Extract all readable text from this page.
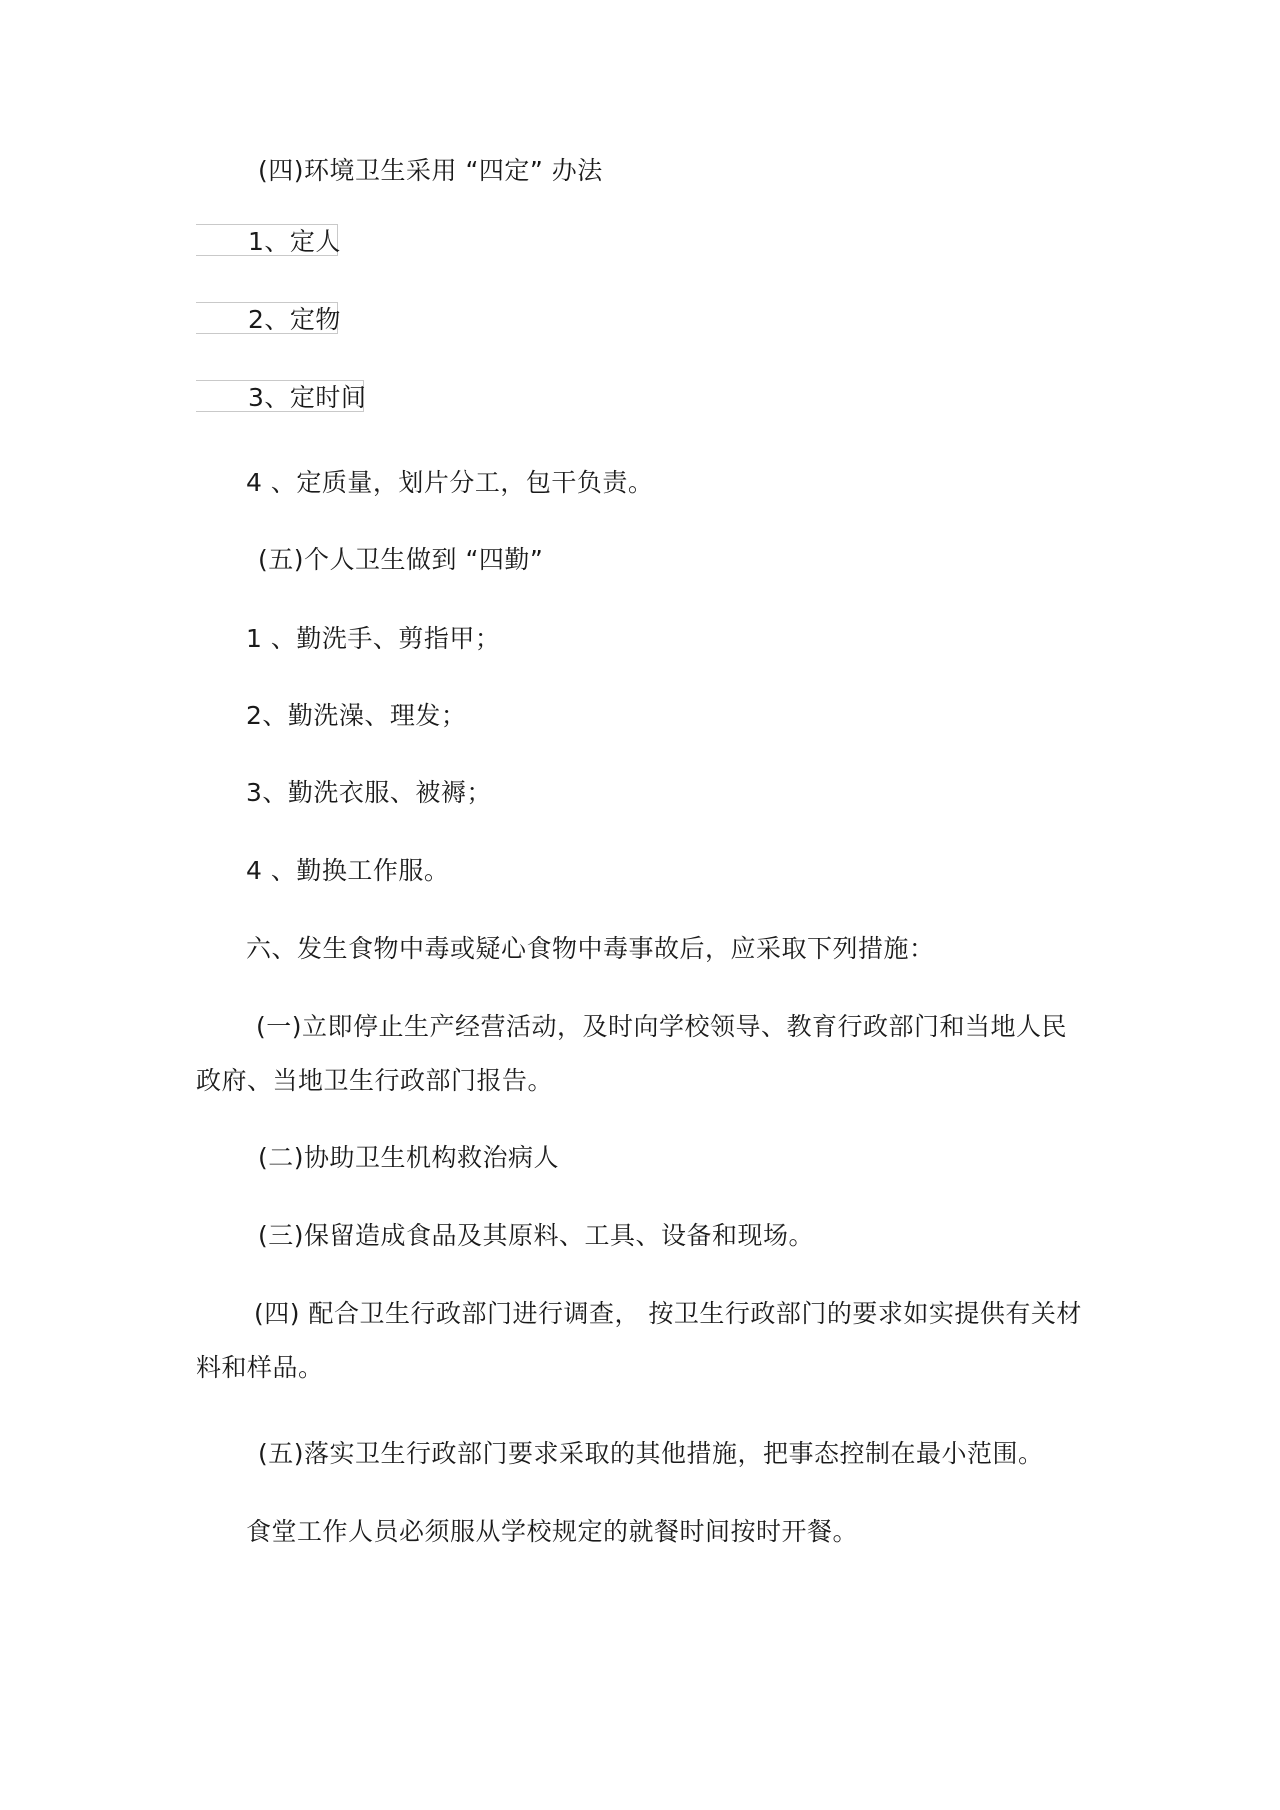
(四)环境卫生采用 “四定” 办法
1、定人
2、定物
3、定时间
4 、定质量，划片分工，包干负责。
(五)个人卫生做到 “四勤”
1 、勤洗手、剪指甲；
2、勤洗澡、理发；
3、勤洗衣服、被褥；
4 、勤换工作服。
六、发生食物中毒或疑心食物中毒事故后，应采取下列措施：
(一)立即停止生产经营活动，及时向学校领导、教育行政部门和当地人民
政府、当地卫生行政部门报告。
(二)协助卫生机构救治病人
(三)保留造成食品及其原料、工具、设备和现场。
(四) 配合卫生行政部门进行调查， 按卫生行政部门的要求如实提供有关材
料和样品。
(五)落实卫生行政部门要求采取的其他措施，把事态控制在最小范围。
食堂工作人员必须服从学校规定的就餐时间按时开餐。
